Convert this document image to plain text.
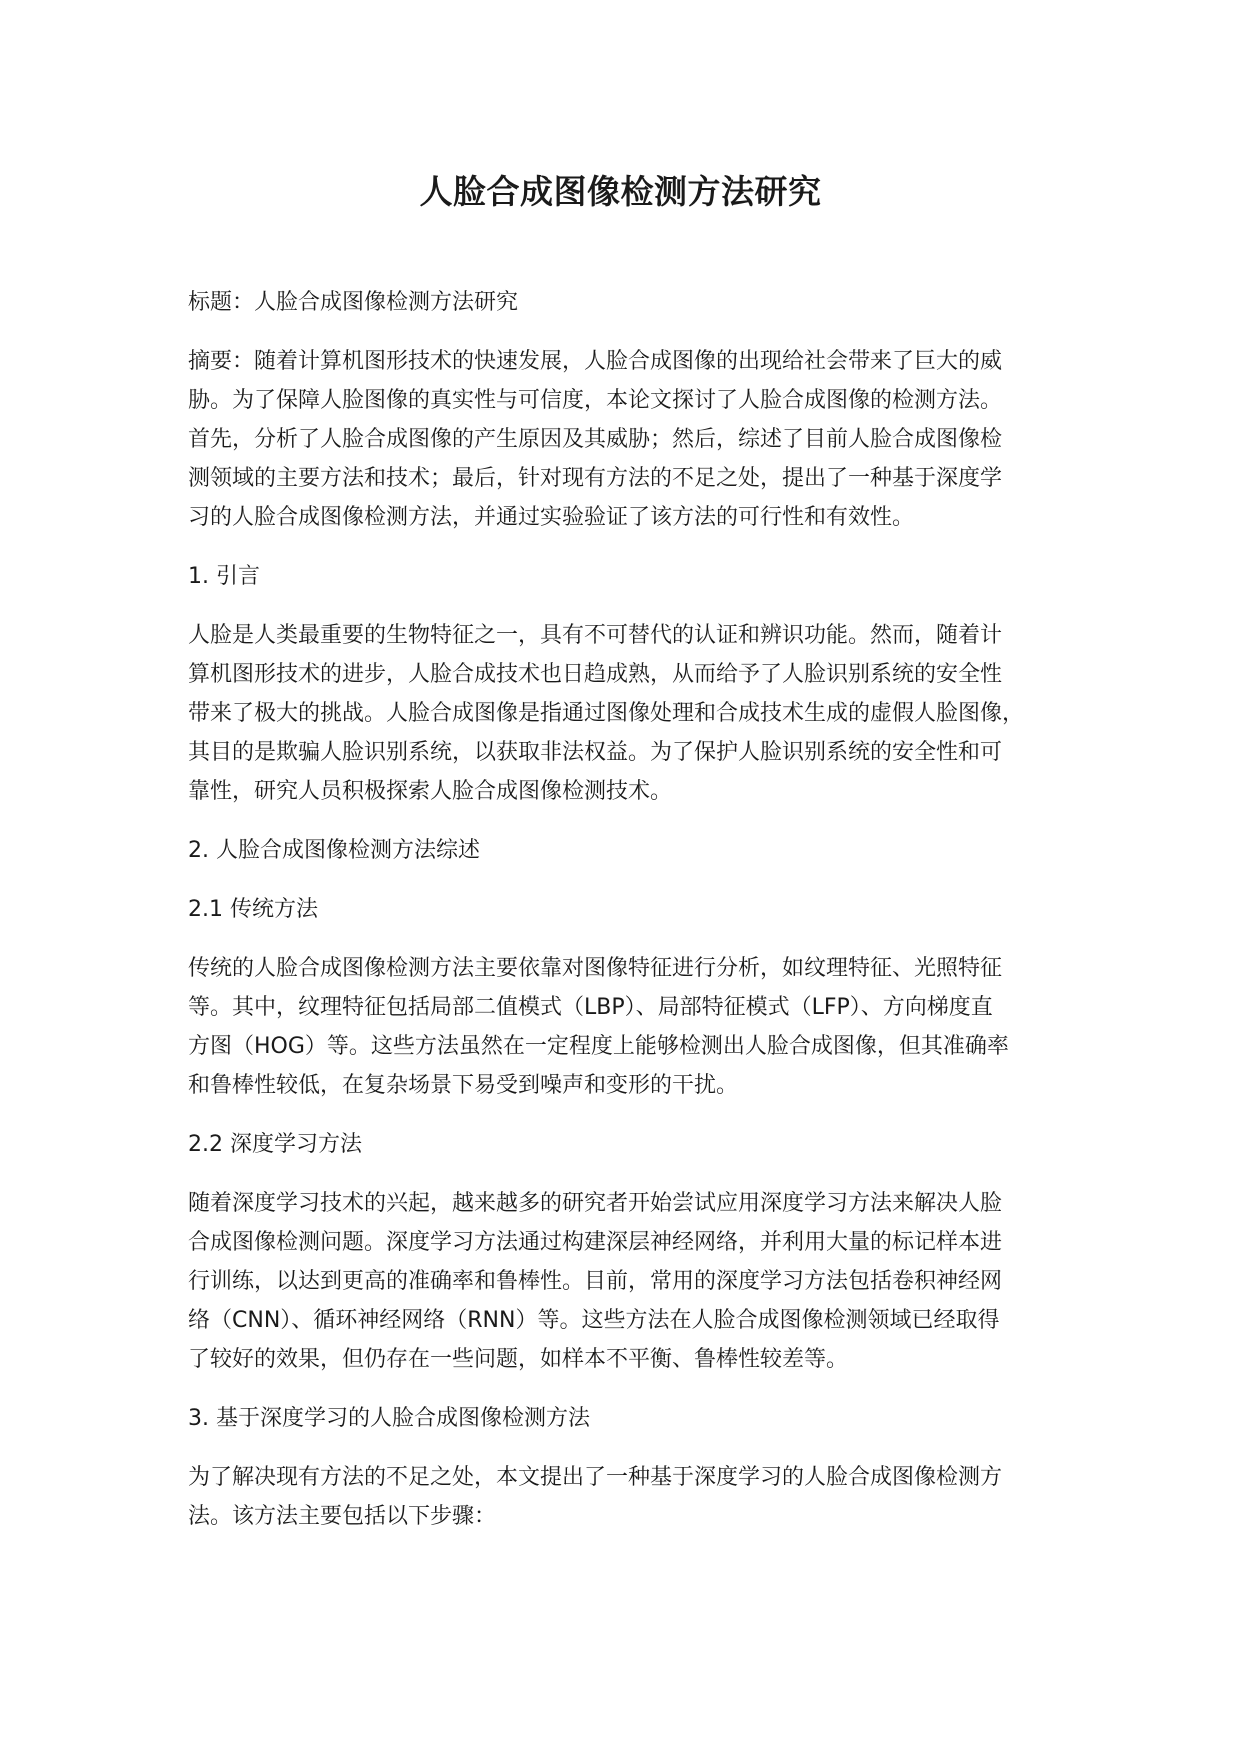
人脸合成图像检测方法研究
标题：人脸合成图像检测方法研究
摘要：随着计算机图形技术的快速发展，人脸合成图像的出现给社会带来了巨大的威
胁。为了保障人脸图像的真实性与可信度，本论文探讨了人脸合成图像的检测方法。
首先，分析了人脸合成图像的产生原因及其威胁；然后，综述了目前人脸合成图像检
测领域的主要方法和技术；最后，针对现有方法的不足之处，提出了一种基于深度学
习的人脸合成图像检测方法，并通过实验验证了该方法的可行性和有效性。
1. 引言
人脸是人类最重要的生物特征之一，具有不可替代的认证和辨识功能。然而，随着计
算机图形技术的进步，人脸合成技术也日趋成熟，从而给予了人脸识别系统的安全性
带来了极大的挑战。人脸合成图像是指通过图像处理和合成技术生成的虚假人脸图像，
其目的是欺骗人脸识别系统，以获取非法权益。为了保护人脸识别系统的安全性和可
靠性，研究人员积极探索人脸合成图像检测技术。
2. 人脸合成图像检测方法综述
2.1 传统方法
传统的人脸合成图像检测方法主要依靠对图像特征进行分析，如纹理特征、光照特征
等。其中，纹理特征包括局部二值模式（LBP）、局部特征模式（LFP）、方向梯度直
方图（HOG）等。这些方法虽然在一定程度上能够检测出人脸合成图像，但其准确率
和鲁棒性较低，在复杂场景下易受到噪声和变形的干扰。
2.2 深度学习方法
随着深度学习技术的兴起，越来越多的研究者开始尝试应用深度学习方法来解决人脸
合成图像检测问题。深度学习方法通过构建深层神经网络，并利用大量的标记样本进
行训练，以达到更高的准确率和鲁棒性。目前，常用的深度学习方法包括卷积神经网
络（CNN）、循环神经网络（RNN）等。这些方法在人脸合成图像检测领域已经取得
了较好的效果，但仍存在一些问题，如样本不平衡、鲁棒性较差等。
3. 基于深度学习的人脸合成图像检测方法
为了解决现有方法的不足之处，本文提出了一种基于深度学习的人脸合成图像检测方
法。该方法主要包括以下步骤：
